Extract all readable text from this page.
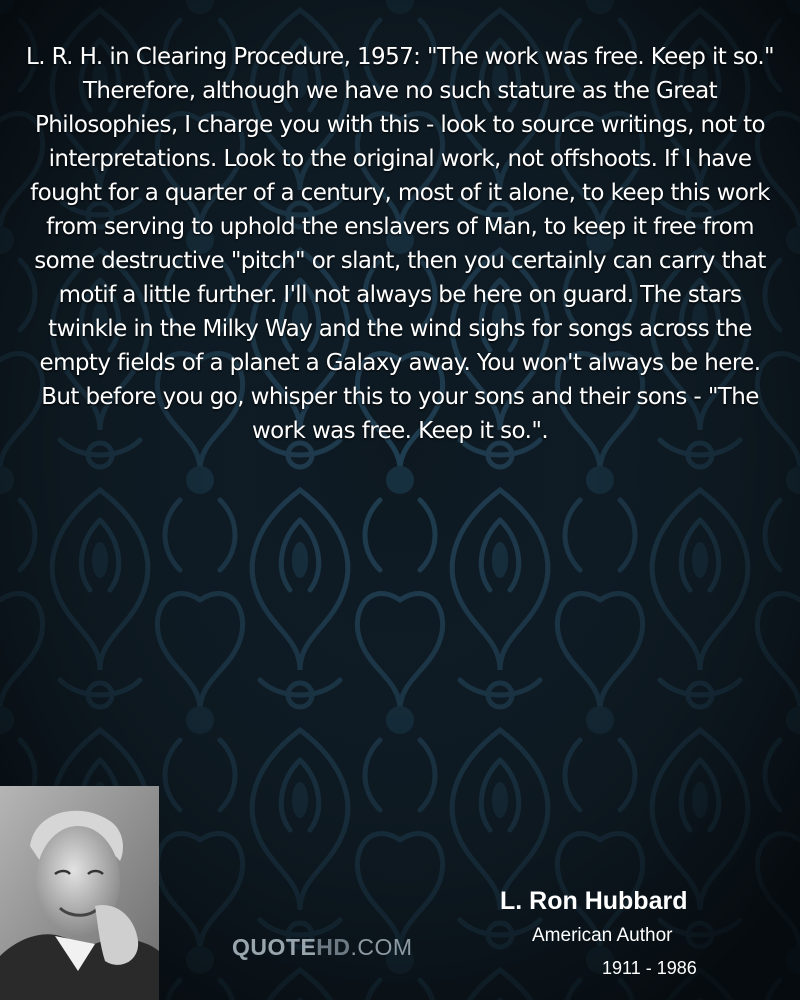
L. R. H. in Clearing Procedure, 1957: "The work was free. Keep it so." Therefore, although we have no such stature as the Great Philosophies, I charge you with this - look to source writings, not to interpretations. Look to the original work, not offshoots. If I have fought for a quarter of a century, most of it alone, to keep this work from serving to uphold the enslavers of Man, to keep it free from some destructive "pitch" or slant, then you certainly can carry that motif a little further. I'll not always be here on guard. The stars twinkle in the Milky Way and the wind sighs for songs across the empty fields of a planet a Galaxy away. You won't always be here. But before you go, whisper this to your sons and their sons - "The work was free. Keep it so.".

QUOTEHD.COM
L. Ron Hubbard
American Author
1911 - 1986
